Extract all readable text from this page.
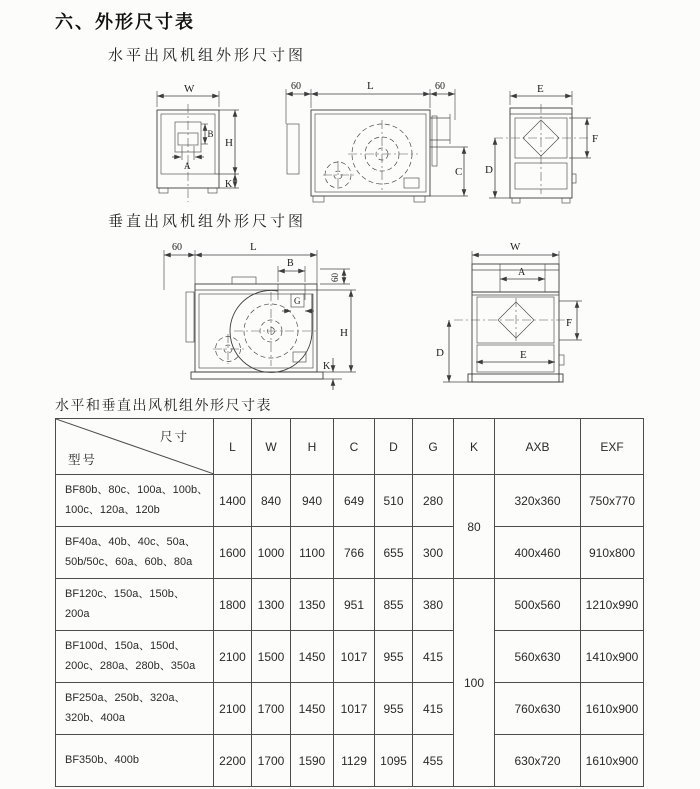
六、外形尺寸表
水平出风机组外形尺寸图
W
B
A
H
K
60	L	60
C
E
F
D
垂直出风机组外形尺寸图
60	L
B
G
60
H
K
W
A
F
D	E
水平和垂直出风机组外形尺寸表
尺寸
型号	L	W	H	C	D	G	K	AXB	EXF
BF80b、80c、100a、100b、100c、120a、120b	1400	840	940	649	510	280	80	320x360	750x770
BF40a、40b、40c、50a、50b/50c、60a、60b、80a	1600	1000	1100	766	655	300		400x460	910x800
BF120c、150a、150b、200a	1800	1300	1350	951	855	380	100	500x560	1210x990
BF100d、150a、150d、200c、280a、280b、350a	2100	1500	1450	1017	955	415		560x630	1410x900
BF250a、250b、320a、320b、400a	2100	1700	1450	1017	955	415		760x630	1610x900
BF350b、400b	2200	1700	1590	1129	1095	455		630x720	1610x900
